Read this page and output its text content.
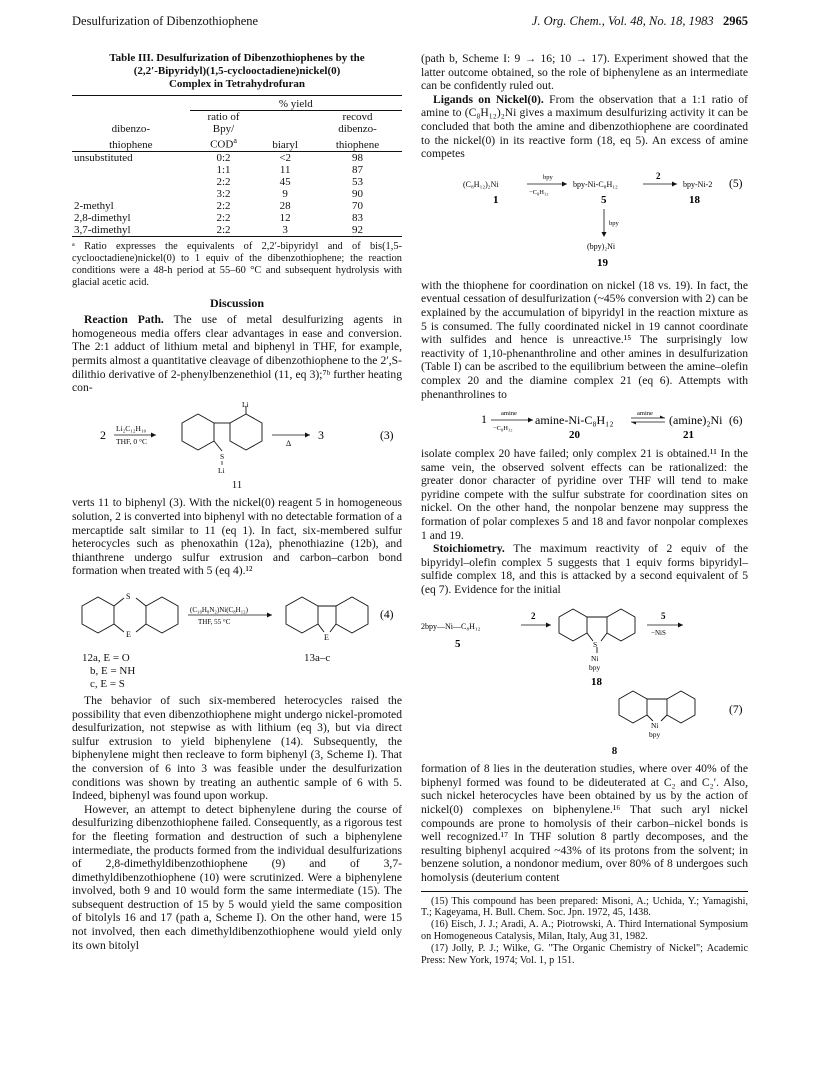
Desulfurization of Dibenzothiophene	J. Org. Chem., Vol. 48, No. 18, 1983 2965
Table III. Desulfurization of Dibenzothiophenes by the
(2,2′-Bipyridyl)(1,5-cyclooctadiene)nickel(0)
Complex in Tetrahydrofuran
	% yield		
	ratio of		recovd
dibenzo-	Bpy/		dibenzo-
thiophene	COD$^a$	biaryl	thiophene
unsubstituted	0:2	<2	98
	1:1	11	87
	2:2	45	53
	3:2	9	90
2-methyl	2:2	28	70
2,8-dimethyl	2:2	12	83
3,7-dimethyl	2:2	3	92
ᵃ Ratio expresses the equivalents of 2,2′-bipyridyl and of bis(1,5-cyclooctadiene)nickel(0) to 1 equiv of the dibenzothiophene; the reaction conditions were a 48-h period at 55–60 °C and subsequent hydrolysis with glacial acetic acid.
Discussion

Reaction Path. The use of metal desulfurizing agents in homogeneous media offers clear advantages in ease and conversion. The 2:1 adduct of lithium metal and biphenyl in THF, for example, permits almost a quantitative cleavage of dibenzothiophene to the 2′,S-dilithio derivative of 2-phenylbenzenethiol (11, eq 3);⁷ᵇ further heating con-

2 Li₂C₁₂H₁₀
THF, 0 °C
Li
S
Li
Δ
3	(3)
11

verts 11 to biphenyl (3). With the nickel(0) reagent 5 in homogeneous solution, 2 is converted into biphenyl with no detectable formation of a mercaptide salt similar to 11 (eq 1). In fact, six-membered sulfur heterocycles such as phenoxathin (12a), phenothiazine (12b), and thianthrene undergo sulfur extrusion and carbon–carbon bond formation when treated with 5 (eq 4).¹²

S
E
(C₁₀H₈N₂)Ni(C₈H₁₂)
THF, 55 °C
E
(4)
12a, E = O
b, E = NH
c, E = S
13a–c

The behavior of such six-membered heterocycles raised the possibility that even dibenzothiophene might undergo nickel-promoted desulfurization, not stepwise as with lithium (eq 3), but via direct sulfur extrusion to yield biphenylene (14). Subsequently, the biphenylene might then recleave to form biphenyl (3, Scheme I). That the conversion of 6 into 3 was feasible under the desulfurization conditions was shown by treating an authentic sample of 6 with 5. Indeed, biphenyl was found upon workup.

However, an attempt to detect biphenylene during the course of desulfurizing dibenzothiophene failed. Consequently, as a rigorous test for the fleeting formation and destruction of such a biphenylene intermediate, the products formed from the individual desulfurizations of 2,8-dimethyldibenzothiophene (9) and of 3,7-dimethyldibenzothiophene (10) were scrutinized. Were a biphenylene involved, both 9 and 10 would form the same intermediate (15). The subsequent destruction of 15 by 5 would yield the same composition of bitolyls 16 and 17 (path a, Scheme I). On the other hand, were 15 not involved, then each dimethyldibenzothiophene would yield only its own bitolyl

(path b, Scheme I: 9 → 16; 10 → 17). Experiment showed that the latter outcome obtained, so the role of biphenylene as an intermediate can be confidently ruled out.

Ligands on Nickel(0). From the observation that a 1:1 ratio of amine to (C₈H₁₂)₂Ni gives a maximum desulfurizing activity it can be concluded that both the amine and dibenzothiophene are coordinated to the nickel(0) in its reactive form (18, eq 5). An excess of amine competes

(C₈H₁₂)₂Ni
bpy
−C₈H₁₂
bpy-Ni-C₈H₁₂
2
bpy-Ni-2 (5)
1	5	18
bpy
(bpy)₂Ni
19

with the thiophene for coordination on nickel (18 vs. 19). In fact, the eventual cessation of desulfurization (~45% conversion with 2) can be explained by the accumulation of bipyridyl in the reaction mixture as 5 is consumed. The fully coordinated nickel in 19 cannot coordinate with sulfides and hence is unreactive.¹⁵ The surprisingly low reactivity of 1,10-phenanthroline and other amines in desulfurization (Table I) can be ascribed to the equilibrium between the amine–olefin complex 20 and the diamine complex 21 (eq 6). Attempts with phenanthrolines to

1 amine
−C₈H₁₂
amine-Ni-C₈H₁₂	amine (amine)₂Ni (6)
20	21

isolate complex 20 have failed; only complex 21 is obtained.¹¹ In the same vein, the observed solvent effects can be rationalized: the greater donor character of pyridine over THF will tend to make pyridine compete with the sulfur substrate for coordination sites on nickel. On the other hand, the nonpolar benzene may suppress the formation of polar complexes 5 and 18 and favor nonpolar complexes 1 and 19.

Stoichiometry. The maximum reactivity of 2 equiv of the bipyridyl–olefin complex 5 suggests that 1 equiv forms bipyridyl–sulfide complex 18, and this is attacked by a second equivalent of 5 (eq 7). Evidence for the initial

2bpy—Ni—C₈H₁₂
2
5	S
Ni
bpy
18
5
−NiS
Ni
bpy
(7)
8

formation of 8 lies in the deuteration studies, where over 40% of the biphenyl formed was found to be dideuterated at C₂ and C₂′. Also, such nickel heterocycles have been obtained by us by the action of nickel(0) complexes on biphenylene.¹⁶ That such aryl nickel compounds are prone to homolysis of their carbon–nickel bonds is well recognized.¹⁷ In THF solution 8 partly decomposes, and the resulting biphenyl acquired ~43% of its protons from the solvent; in benzene solution, a nondonor medium, over 80% of 8 undergoes such homolysis (deuterium content

(15) This compound has been prepared: Misoni, A.; Uchida, Y.; Yamagishi, T.; Kageyama, H. Bull. Chem. Soc. Jpn. 1972, 45, 1438.

(16) Eisch, J. J.; Aradi, A. A.; Piotrowski, A. Third International Symposium on Homogeneous Catalysis, Milan, Italy, Aug 31, 1982.

(17) Jolly, P. J.; Wilke, G. "The Organic Chemistry of Nickel"; Academic Press: New York, 1974; Vol. 1, p 151.
